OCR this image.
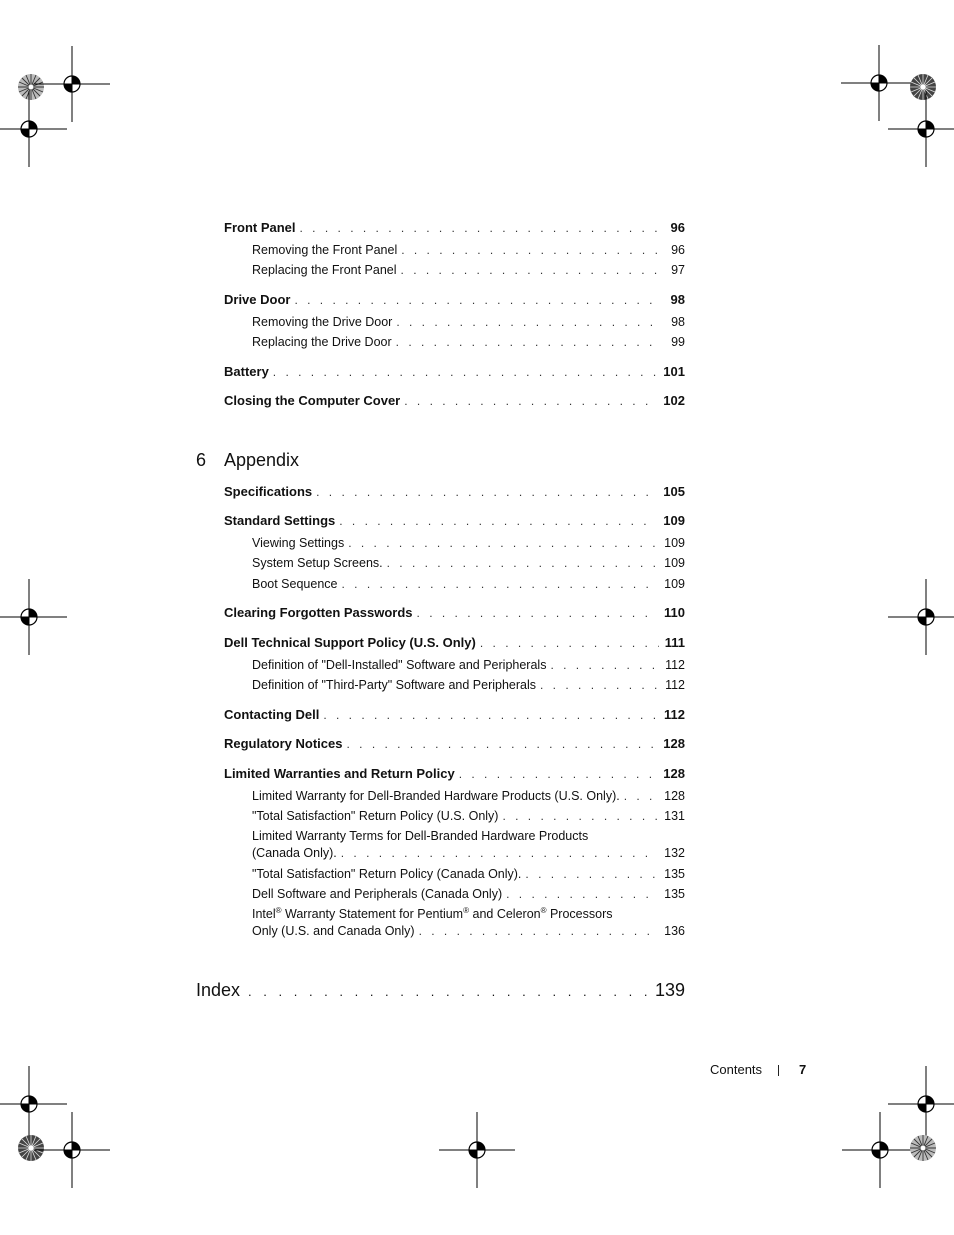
Front Panel . . .	96
Removing the Front Panel . . .	96
Replacing the Front Panel . . .	97
Drive Door . . .	98
Removing the Drive Door . . .	98
Replacing the Drive Door . . .	99
Battery . . .	101
Closing the Computer Cover . . .	102
6 Appendix
Specifications . . .	105
Standard Settings . . .	109
Viewing Settings . . .	109
System Setup Screens. . . .	109
Boot Sequence . . .	109
Clearing Forgotten Passwords . . .	110
Dell Technical Support Policy (U.S. Only) . . .	111
Definition of "Dell-Installed" Software and Peripherals . . .	112
Definition of "Third-Party" Software and Peripherals . . .	112
Contacting Dell . . .	112
Regulatory Notices . . .	128
Limited Warranties and Return Policy . . .	128
Limited Warranty for Dell-Branded Hardware Products (U.S. Only). . . .	128
"Total Satisfaction" Return Policy (U.S. Only) . . .	131
Limited Warranty Terms for Dell-Branded Hardware Products
(Canada Only). . . .	132
"Total Satisfaction" Return Policy (Canada Only). . . .	135
Dell Software and Peripherals (Canada Only) . . .	135
Intel® Warranty Statement for Pentium® and Celeron® Processors
Only (U.S. and Canada Only) . . .	136
Index . . .	139
Contents	7
